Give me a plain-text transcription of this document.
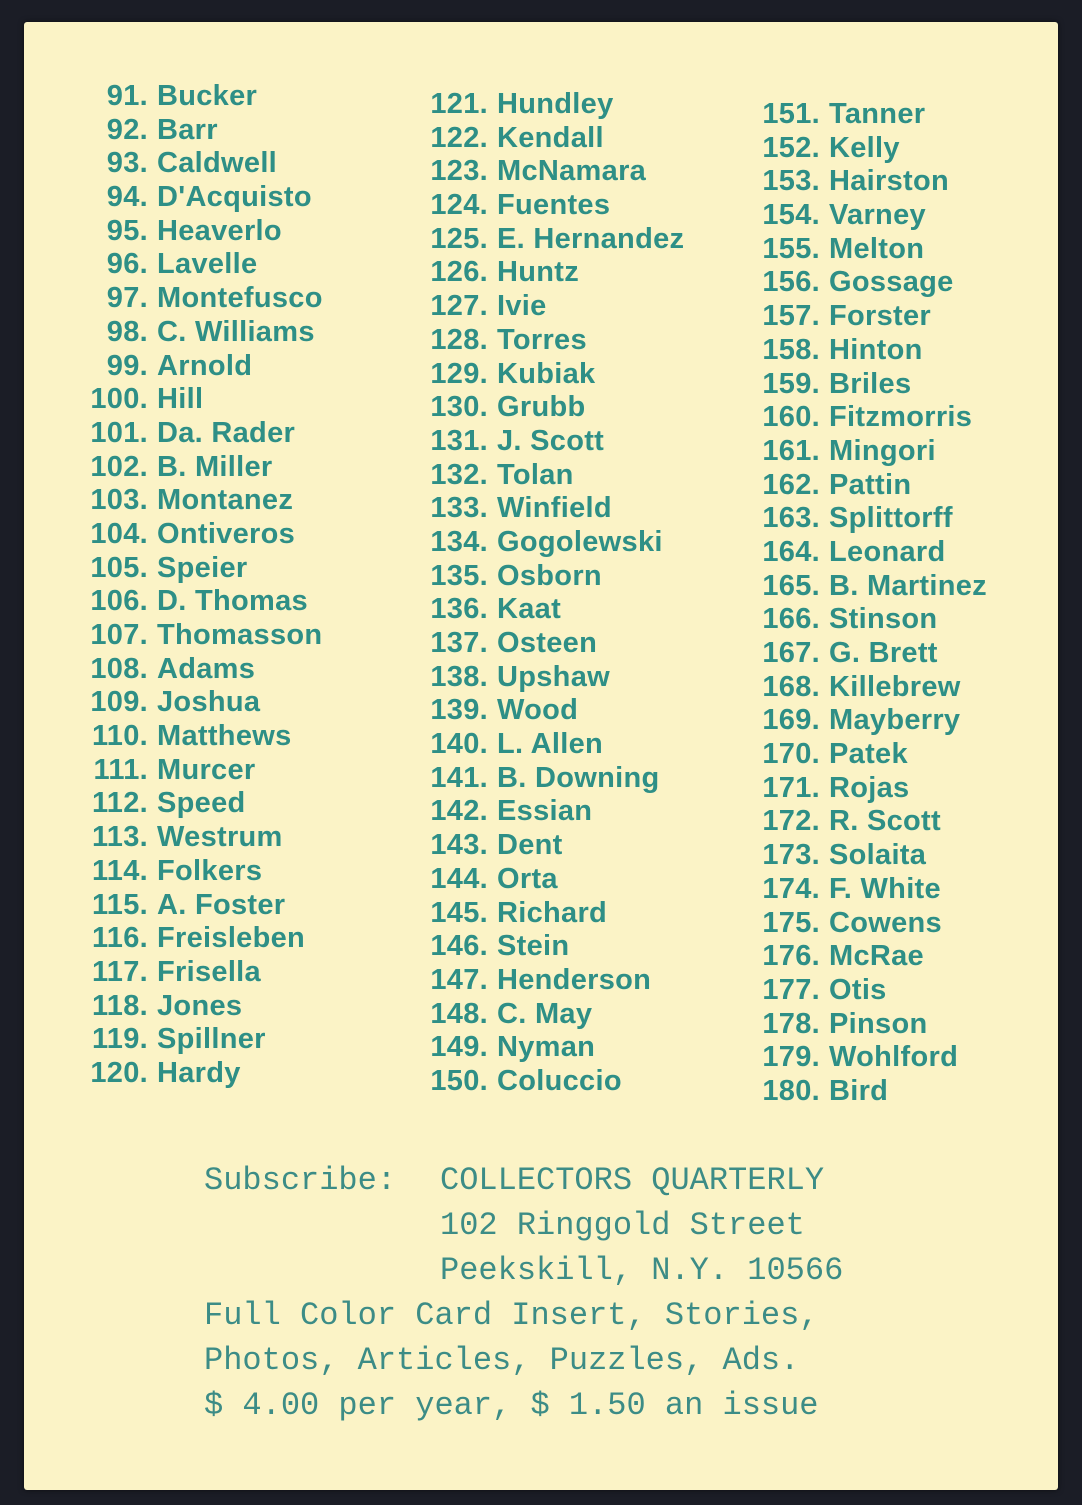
91. Bucker
92. Barr
93. Caldwell
94. D'Acquisto
95. Heaverlo
96. Lavelle
97. Montefusco
98. C. Williams
99. Arnold
100. Hill
101. Da. Rader
102. B. Miller
103. Montanez
104. Ontiveros
105. Speier
106. D. Thomas
107. Thomasson
108. Adams
109. Joshua
110. Matthews
111. Murcer
112. Speed
113. Westrum
114. Folkers
115. A. Foster
116. Freisleben
117. Frisella
118. Jones
119. Spillner
120. Hardy
121. Hundley
122. Kendall
123. McNamara
124. Fuentes
125. E. Hernandez
126. Huntz
127. Ivie
128. Torres
129. Kubiak
130. Grubb
131. J. Scott
132. Tolan
133. Winfield
134. Gogolewski
135. Osborn
136. Kaat
137. Osteen
138. Upshaw
139. Wood
140. L. Allen
141. B. Downing
142. Essian
143. Dent
144. Orta
145. Richard
146. Stein
147. Henderson
148. C. May
149. Nyman
150. Coluccio
151. Tanner
152. Kelly
153. Hairston
154. Varney
155. Melton
156. Gossage
157. Forster
158. Hinton
159. Briles
160. Fitzmorris
161. Mingori
162. Pattin
163. Splittorff
164. Leonard
165. B. Martinez
166. Stinson
167. G. Brett
168. Killebrew
169. Mayberry
170. Patek
171. Rojas
172. R. Scott
173. Solaita
174. F. White
175. Cowens
176. McRae
177. Otis
178. Pinson
179. Wohlford
180. Bird
Subscribe: COLLECTORS QUARTERLY
102 Ringgold Street
Peekskill, N.Y. 10566
Full Color Card Insert, Stories,
Photos, Articles, Puzzles, Ads.
$ 4.00 per year, $ 1.50 an issue
